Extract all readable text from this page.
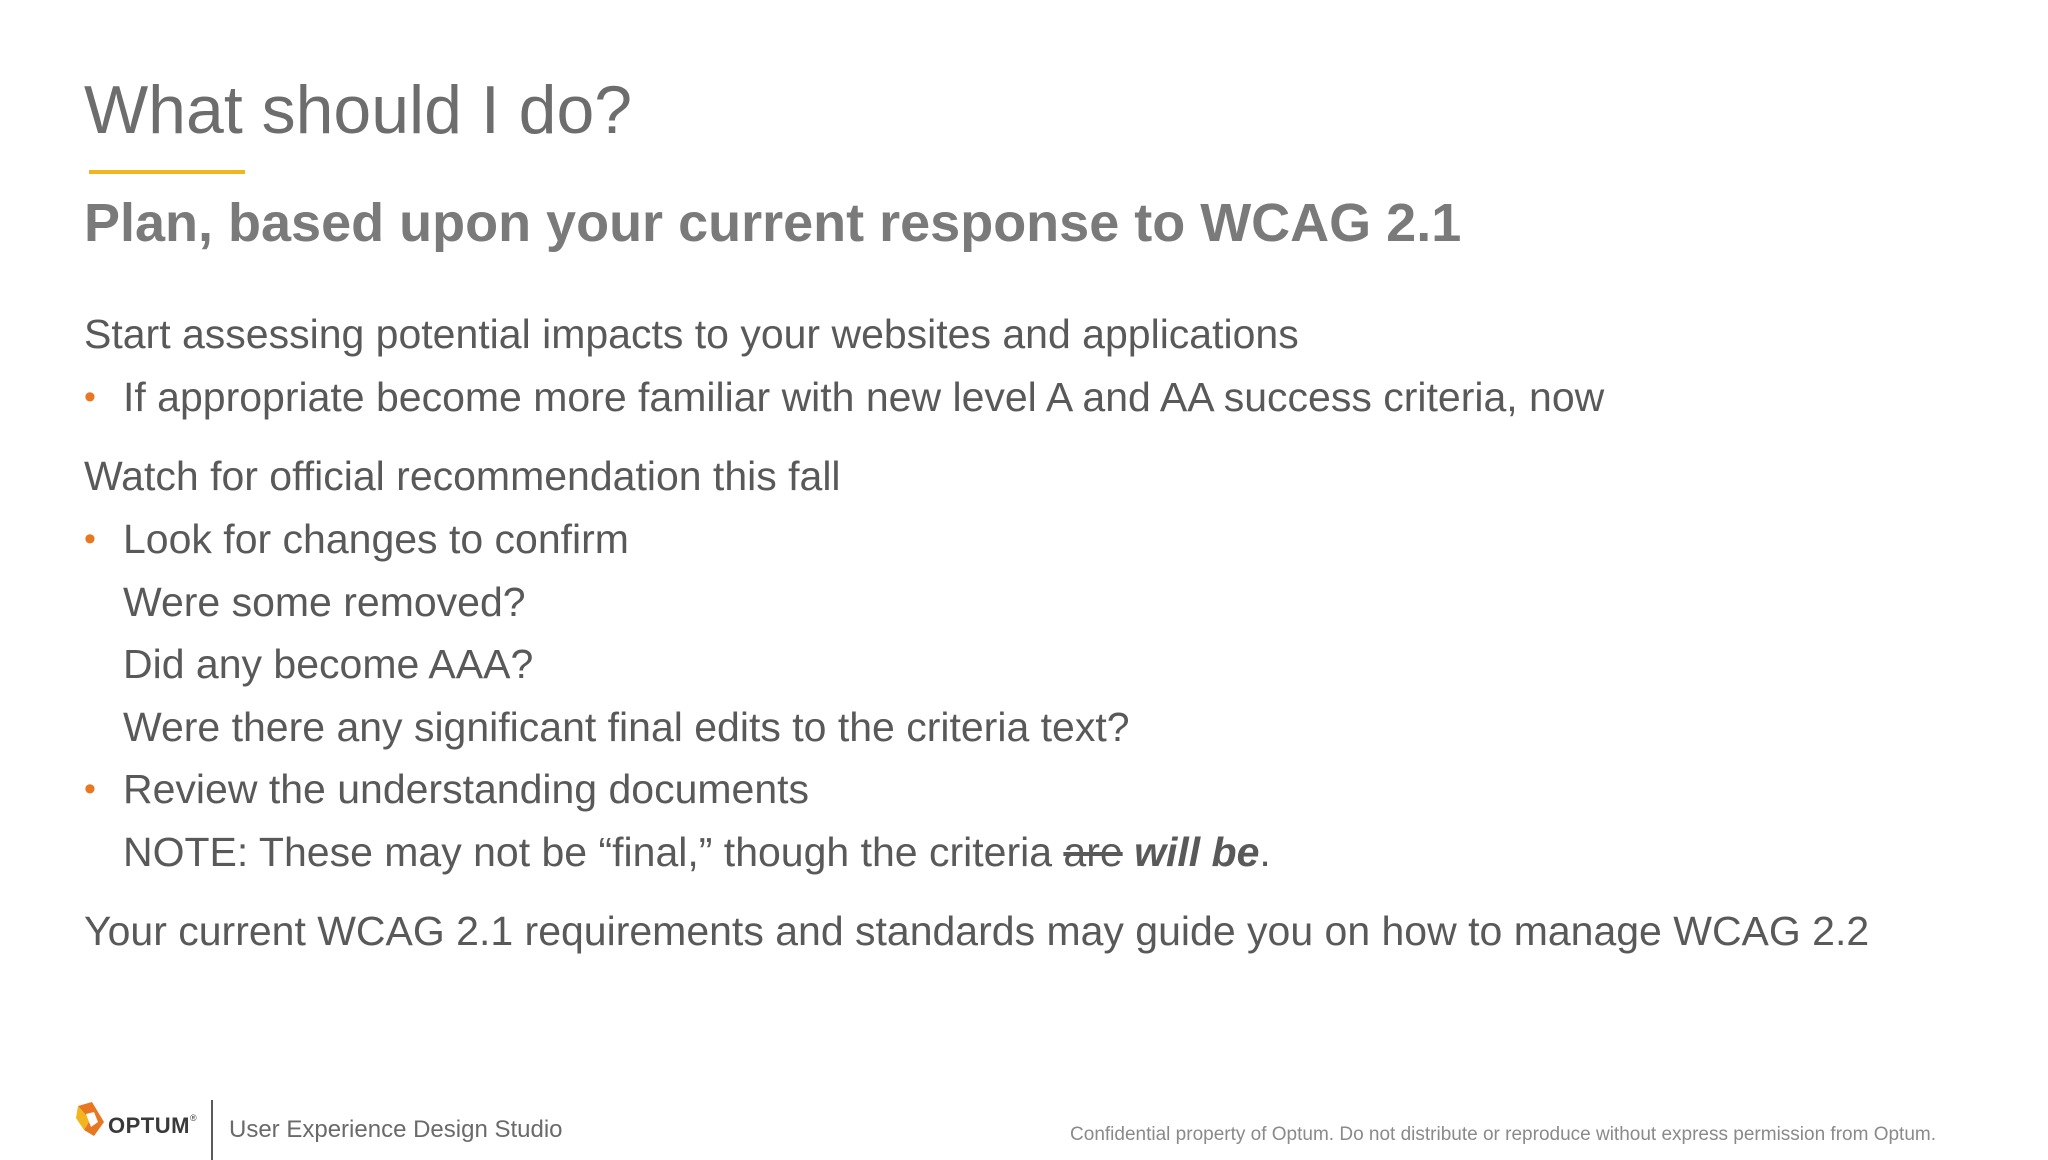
What should I do?
Plan, based upon your current response to WCAG 2.1
Start assessing potential impacts to your websites and applications
• If appropriate become more familiar with new level A and AA success criteria, now
Watch for official recommendation this fall
• Look for changes to confirm
Were some removed?
Did any become AAA?
Were there any significant final edits to the criteria text?
• Review the understanding documents
NOTE: These may not be “final,” though the criteria are will be.
Your current WCAG 2.1 requirements and standards may guide you on how to manage WCAG 2.2
OPTUM® User Experience Design Studio	Confidential property of Optum. Do not distribute or reproduce without express permission from Optum.
